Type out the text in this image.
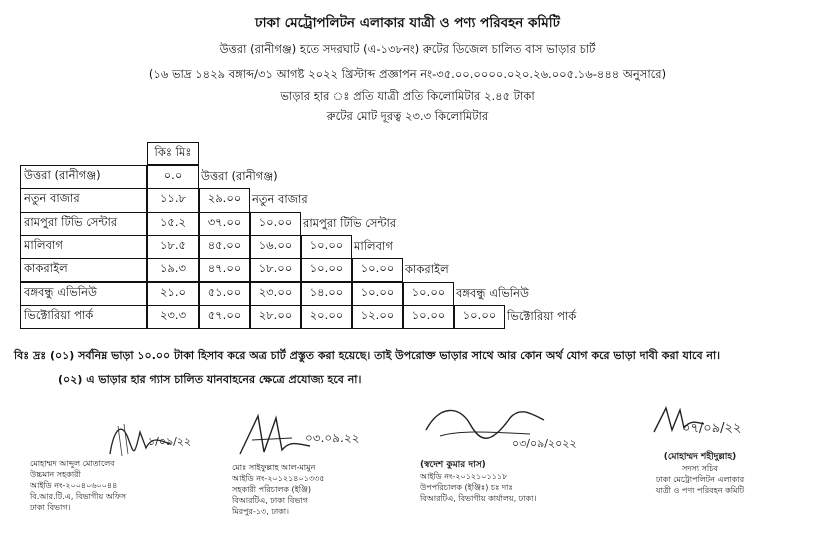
ঢাকা মেট্রোপলিটন এলাকার যাত্রী ও পণ্য পরিবহন কমিটি
উত্তরা (রানীগঞ্জ) হতে সদরঘাট (এ-১৩৮নং) রুটের ডিজেল চালিত বাস ভাড়ার চার্ট
(১৬ ভাদ্র ১৪২৯ বঙ্গাব্দ/৩১ আগষ্ট ২০২২ খ্রিস্টাব্দ প্রজ্ঞাপন নং-৩৫.০০.০০০০.০২০.২৬.০০৫.১৬-৪৪৪ অনুসারে)
ভাড়ার হার ঃ প্রতি যাত্রী প্রতি কিলোমিটার ২.৪৫ টাকা
রুটের মোট দূরত্ব ২৩.৩ কিলোমিটার
কিঃ মিঃ
উত্তরা (রানীগঞ্জ)	০.০	উত্তরা (রানীগঞ্জ)
নতুন বাজার	১১.৮	২৯.০০ নতুন বাজার
রামপুরা টিভি সেন্টার	১৫.২	৩৭.০০	১০.০০ রামপুরা টিভি সেন্টার
মালিবাগ	১৮.৫	৪৫.০০	১৬.০০	১০.০০ মালিবাগ
কাকরাইল	১৯.৩	৪৭.০০	১৮.০০	১০.০০	১০.০০ কাকরাইল
বঙ্গবন্ধু এভিনিউ	২১.০	৫১.০০	২৩.০০	১৪.০০	১০.০০	১০.০০ বঙ্গবন্ধু এভিনিউ
ভিক্টোরিয়া পার্ক	২৩.৩	৫৭.০০	২৮.০০	২০.০০	১২.০০	১০.০০	১০.০০ ভিক্টোরিয়া পার্ক
বিঃ দ্রঃ (০১) সর্বনিম্ন ভাড়া ১০.০০ টাকা হিসাব করে অত্র চার্ট প্রস্তুত করা হয়েছে। তাই উপরোক্ত ভাড়ার সাথে আর কোন অর্থ যোগ করে ভাড়া দাবী করা যাবে না।
(০২) এ ভাড়ার হার গ্যাস চালিত যানবাহনের ক্ষেত্রে প্রযোজ্য হবে না।
১/০৯/২২
মোহাম্মদ আব্দুল মোতালেব
উচ্চমান সহকারী
আইডি নং-২০০৪০৬০০৪৪
বি.আর.টি.এ, বিভাগীয় অফিস
ঢাকা বিভাগ।
০৩.০৯.২২
মোঃ সাইফুল্লাহ আল-মামুন
আইডি নং-২০১২১৪০১৩৩৫
সহকারী পরিচালক (ইঞ্জি)
বিআরটিএ, ঢাকা বিভাগ
মিরপুর-১৩, ঢাকা।
০৩/০৯/২০২২
(স্বদেশ কুমার দাস)
আইডি নং-২০১২১০১১১৮
উপপরিচালক (ইঞ্জিঃ) চঃ দাঃ
বিআরটিএ, বিভাগীয় কার্যালয়, ঢাকা।
০৭/০৯/২২
(মোহাম্মদ শহীদুল্লাহ)
সদস্য সচিব
ঢাকা মেট্রোপলিটন এলাকার
যাত্রী ও পণ্য পরিবহন কমিটি
